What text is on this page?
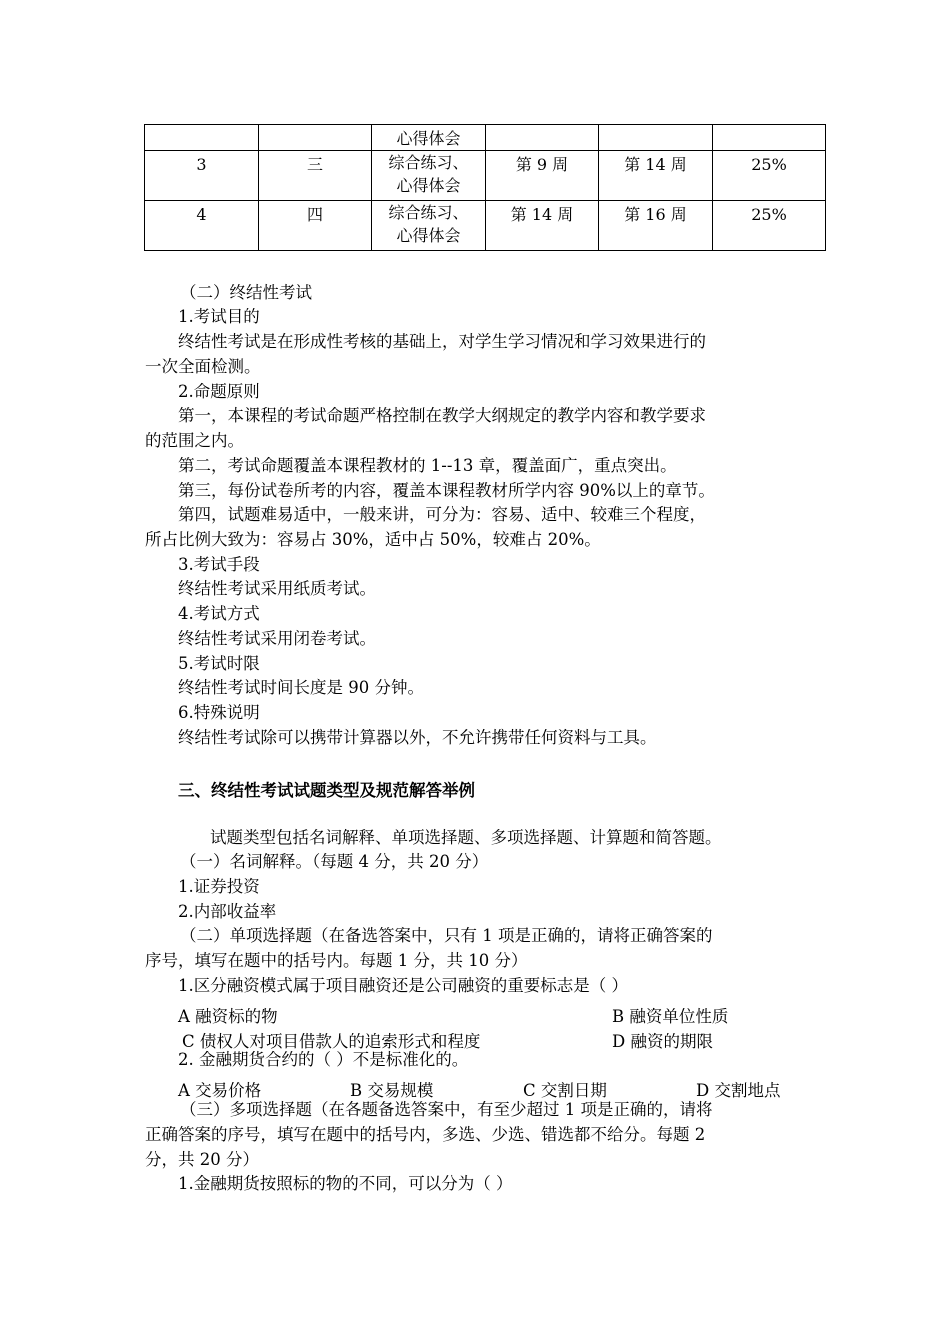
		心得体会			
3	三	综合练习、心得体会	第 9 周	第 14 周	25%
4	四	综合练习、心得体会	第 14 周	第 16 周	25%
（二）终结性考试
1.考试目的
终结性考试是在形成性考核的基础上，对学生学习情况和学习效果进行的
一次全面检测。
2.命题原则
第一，本课程的考试命题严格控制在教学大纲规定的教学内容和教学要求
的范围之内。
第二，考试命题覆盖本课程教材的 1--13 章，覆盖面广，重点突出。
第三，每份试卷所考的内容，覆盖本课程教材所学内容 90%以上的章节。
第四，试题难易适中，一般来讲，可分为：容易、适中、较难三个程度，
所占比例大致为：容易占 30%，适中占 50%，较难占 20%。
3.考试手段
终结性考试采用纸质考试。
4.考试方式
终结性考试采用闭卷考试。
5.考试时限
终结性考试时间长度是 90 分钟。
6.特殊说明
终结性考试除可以携带计算器以外，不允许携带任何资料与工具。
三、终结性考试试题类型及规范解答举例
试题类型包括名词解释、单项选择题、多项选择题、计算题和简答题。
（一）名词解释。（每题 4 分，共 20 分）
1.证券投资
2.内部收益率
（二）单项选择题（在备选答案中，只有 1 项是正确的，请将正确答案的
序号，填写在题中的括号内。每题 1 分，共 10 分）
1.区分融资模式属于项目融资还是公司融资的重要标志是（ ）
A 融资标的物	B 融资单位性质
C 债权人对项目借款人的追索形式和程度	D 融资的期限
2. 金融期货合约的（ ）不是标准化的。
A 交易价格	B 交易规模	C 交割日期	D 交割地点
（三）多项选择题（在各题备选答案中，有至少超过 1 项是正确的，请将
正确答案的序号，填写在题中的括号内，多选、少选、错选都不给分。每题 2
分，共 20 分）
1.金融期货按照标的物的不同，可以分为（ ）
